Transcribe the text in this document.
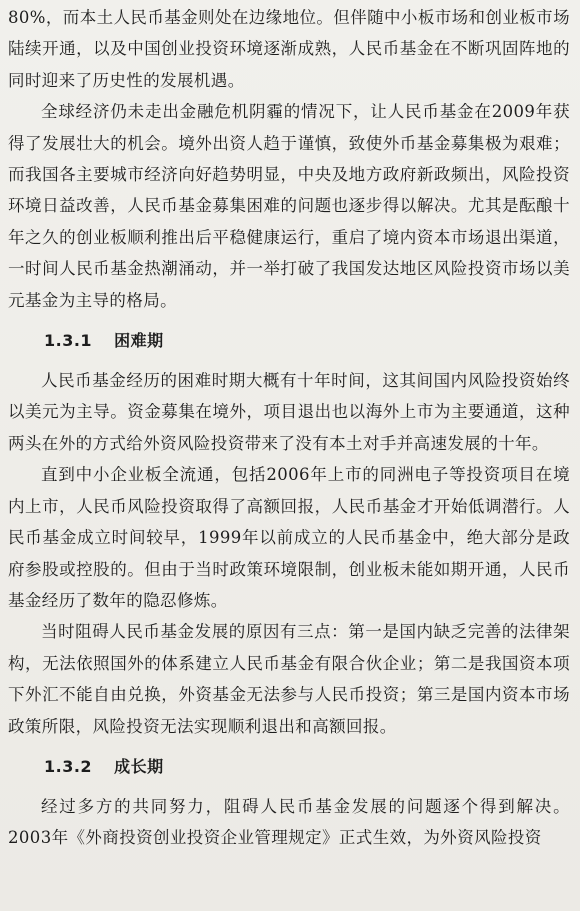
80%，而本土人民币基金则处在边缘地位。但伴随中小板市场和创业板市场陆续开通，以及中国创业投资环境逐渐成熟，人民币基金在不断巩固阵地的同时迎来了历史性的发展机遇。

全球经济仍未走出金融危机阴霾的情况下，让人民币基金在2009年获得了发展壮大的机会。境外出资人趋于谨慎，致使外币基金募集极为艰难；而我国各主要城市经济向好趋势明显，中央及地方政府新政频出，风险投资环境日益改善，人民币基金募集困难的问题也逐步得以解决。尤其是酝酿十年之久的创业板顺利推出后平稳健康运行，重启了境内资本市场退出渠道，一时间人民币基金热潮涌动，并一举打破了我国发达地区风险投资市场以美元基金为主导的格局。

1.3.1 困难期

人民币基金经历的困难时期大概有十年时间，这其间国内风险投资始终以美元为主导。资金募集在境外，项目退出也以海外上市为主要通道，这种两头在外的方式给外资风险投资带来了没有本土对手并高速发展的十年。

直到中小企业板全流通，包括2006年上市的同洲电子等投资项目在境内上市，人民币风险投资取得了高额回报，人民币基金才开始低调潜行。人民币基金成立时间较早，1999年以前成立的人民币基金中，绝大部分是政府参股或控股的。但由于当时政策环境限制，创业板未能如期开通，人民币基金经历了数年的隐忍修炼。

当时阻碍人民币基金发展的原因有三点：第一是国内缺乏完善的法律架构，无法依照国外的体系建立人民币基金有限合伙企业；第二是我国资本项下外汇不能自由兑换，外资基金无法参与人民币投资；第三是国内资本市场政策所限，风险投资无法实现顺利退出和高额回报。

1.3.2 成长期

经过多方的共同努力，阻碍人民币基金发展的问题逐个得到解决。2003年《外商投资创业投资企业管理规定》正式生效，为外资风险投资
